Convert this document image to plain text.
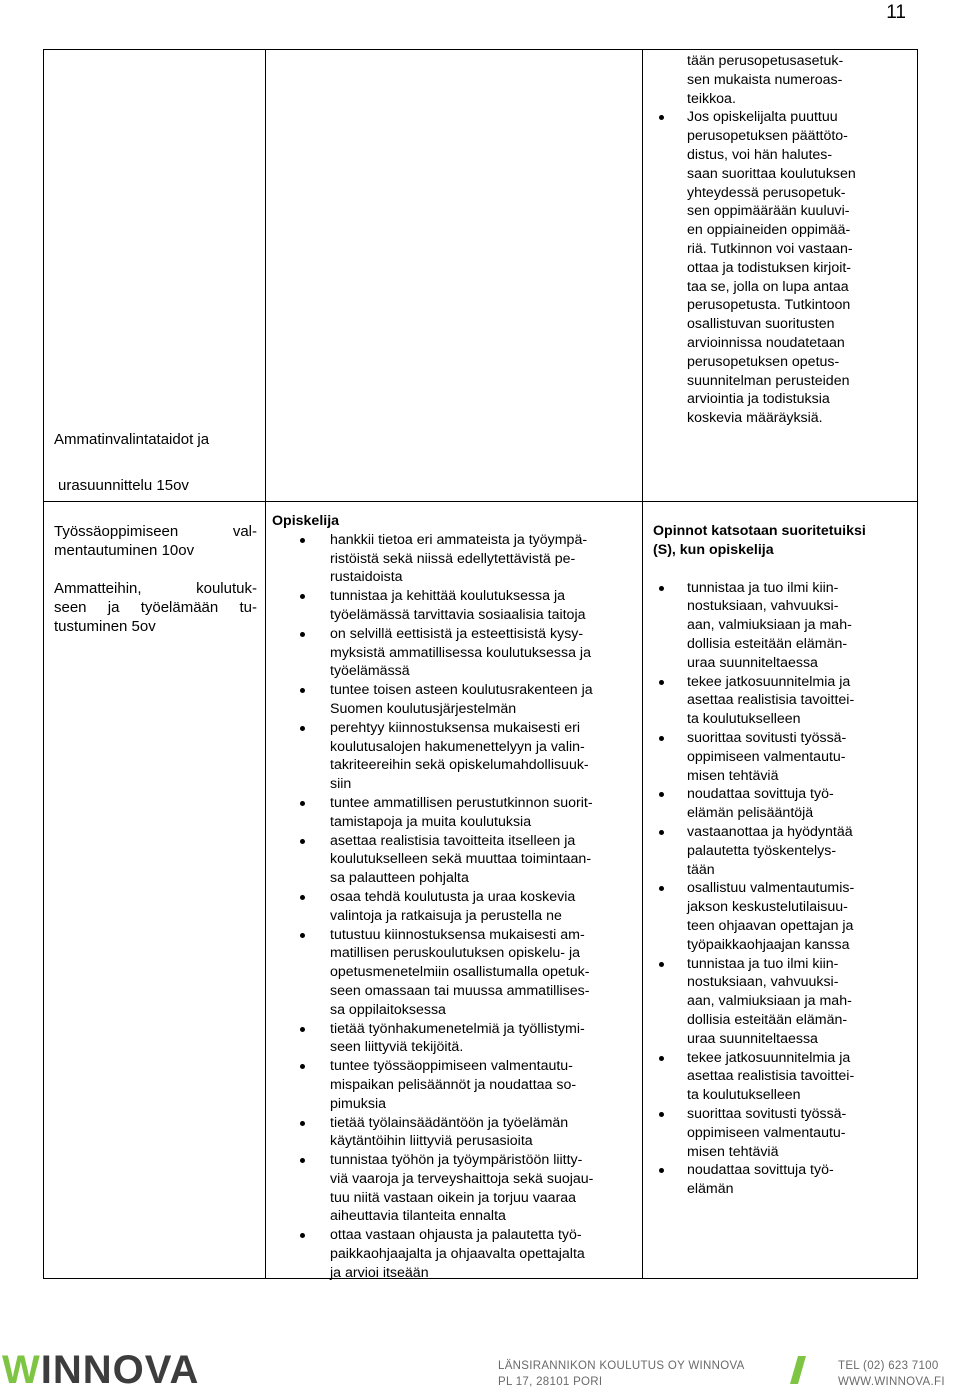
11
tään perusopetusasetuk-
sen mukaista numeroas-
teikkoa.
Jos opiskelijalta puuttuu
perusopetuksen päättöto-
distus, voi hän halutes-
saan suorittaa koulutuksen
yhteydessä perusopetuk-
sen oppimäärään kuuluvi-
en oppiaineiden oppimää-
riä. Tutkinnon voi vastaan-
ottaa ja todistuksen kirjoit-
taa se, jolla on lupa antaa
perusopetusta. Tutkintoon
osallistuvan suoritusten
arvioinnissa noudatetaan
perusopetuksen opetus-
suunnitelman perusteiden
arviointia ja todistuksia
koskevia määräyksiä.
Ammatinvalintataidot ja
urasuunnittelu 15ov
Työssäoppimiseen val-
mentautuminen 10ov
Ammatteihin, koulutuk-
seen ja työelämään tu-
tustuminen 5ov
Opiskelija
hankkii tietoa eri ammateista ja työympä-
ristöistä sekä niissä edellytettävistä pe-
rustaidoista
tunnistaa ja kehittää koulutuksessa ja
työelämässä tarvittavia sosiaalisia taitoja
on selvillä eettisistä ja esteettisistä kysy-
myksistä ammatillisessa koulutuksessa ja
työelämässä
tuntee toisen asteen koulutusrakenteen ja
Suomen koulutusjärjestelmän
perehtyy kiinnostuksensa mukaisesti eri
koulutusalojen hakumenettelyyn ja valin-
takriteereihin sekä opiskelumahdollisuuk-
siin
tuntee ammatillisen perustutkinnon suorit-
tamistapoja ja muita koulutuksia
asettaa realistisia tavoitteita itselleen ja
koulutukselleen sekä muuttaa toimintaan-
sa palautteen pohjalta
osaa tehdä koulutusta ja uraa koskevia
valintoja ja ratkaisuja ja perustella ne
tutustuu kiinnostuksensa mukaisesti am-
matillisen peruskoulutuksen opiskelu- ja
opetusmenetelmiin osallistumalla opetuk-
seen omassaan tai muussa ammatillises-
sa oppilaitoksessa
tietää työnhakumenetelmiä ja työllistymi-
seen liittyviä tekijöitä.
tuntee työssäoppimiseen valmentautu-
mispaikan pelisäännöt ja noudattaa so-
pimuksia
tietää työlainsäädäntöön ja työelämän
käytäntöihin liittyviä perusasioita
tunnistaa työhön ja työympäristöön liitty-
viä vaaroja ja terveyshaittoja sekä suojau-
tuu niitä vastaan oikein ja torjuu vaaraa
aiheuttavia tilanteita ennalta
ottaa vastaan ohjausta ja palautetta työ-
paikkaohjaajalta ja ohjaavalta opettajalta
ja arvioi itseään
Opinnot katsotaan suoritetuiksi
(S), kun opiskelija
tunnistaa ja tuo ilmi kiin-
nostuksiaan, vahvuuksi-
aan, valmiuksiaan ja mah-
dollisia esteitään elämän-
uraa suunniteltaessa
tekee jatkosuunnitelmia ja
asettaa realistisia tavoittei-
ta koulutukselleen
suorittaa sovitusti työssä-
oppimiseen valmentautu-
misen tehtäviä
noudattaa sovittuja työ-
elämän pelisääntöjä
vastaanottaa ja hyödyntää
palautetta työskentelys-
tään
osallistuu valmentautumis-
jakson keskustelutilaisuu-
teen ohjaavan opettajan ja
työpaikkaohjaajan kanssa
tunnistaa ja tuo ilmi kiin-
nostuksiaan, vahvuuksi-
aan, valmiuksiaan ja mah-
dollisia esteitään elämän-
uraa suunniteltaessa
tekee jatkosuunnitelmia ja
asettaa realistisia tavoittei-
ta koulutukselleen
suorittaa sovitusti työssä-
oppimiseen valmentautu-
misen tehtäviä
noudattaa sovittuja työ-
elämän
W INNOVA	LÄNSIRANNIKON KOULUTUS OY WINNOVA
PL 17, 28101 PORI
TEL (02) 623 7100
WWW.WINNOVA.FI
